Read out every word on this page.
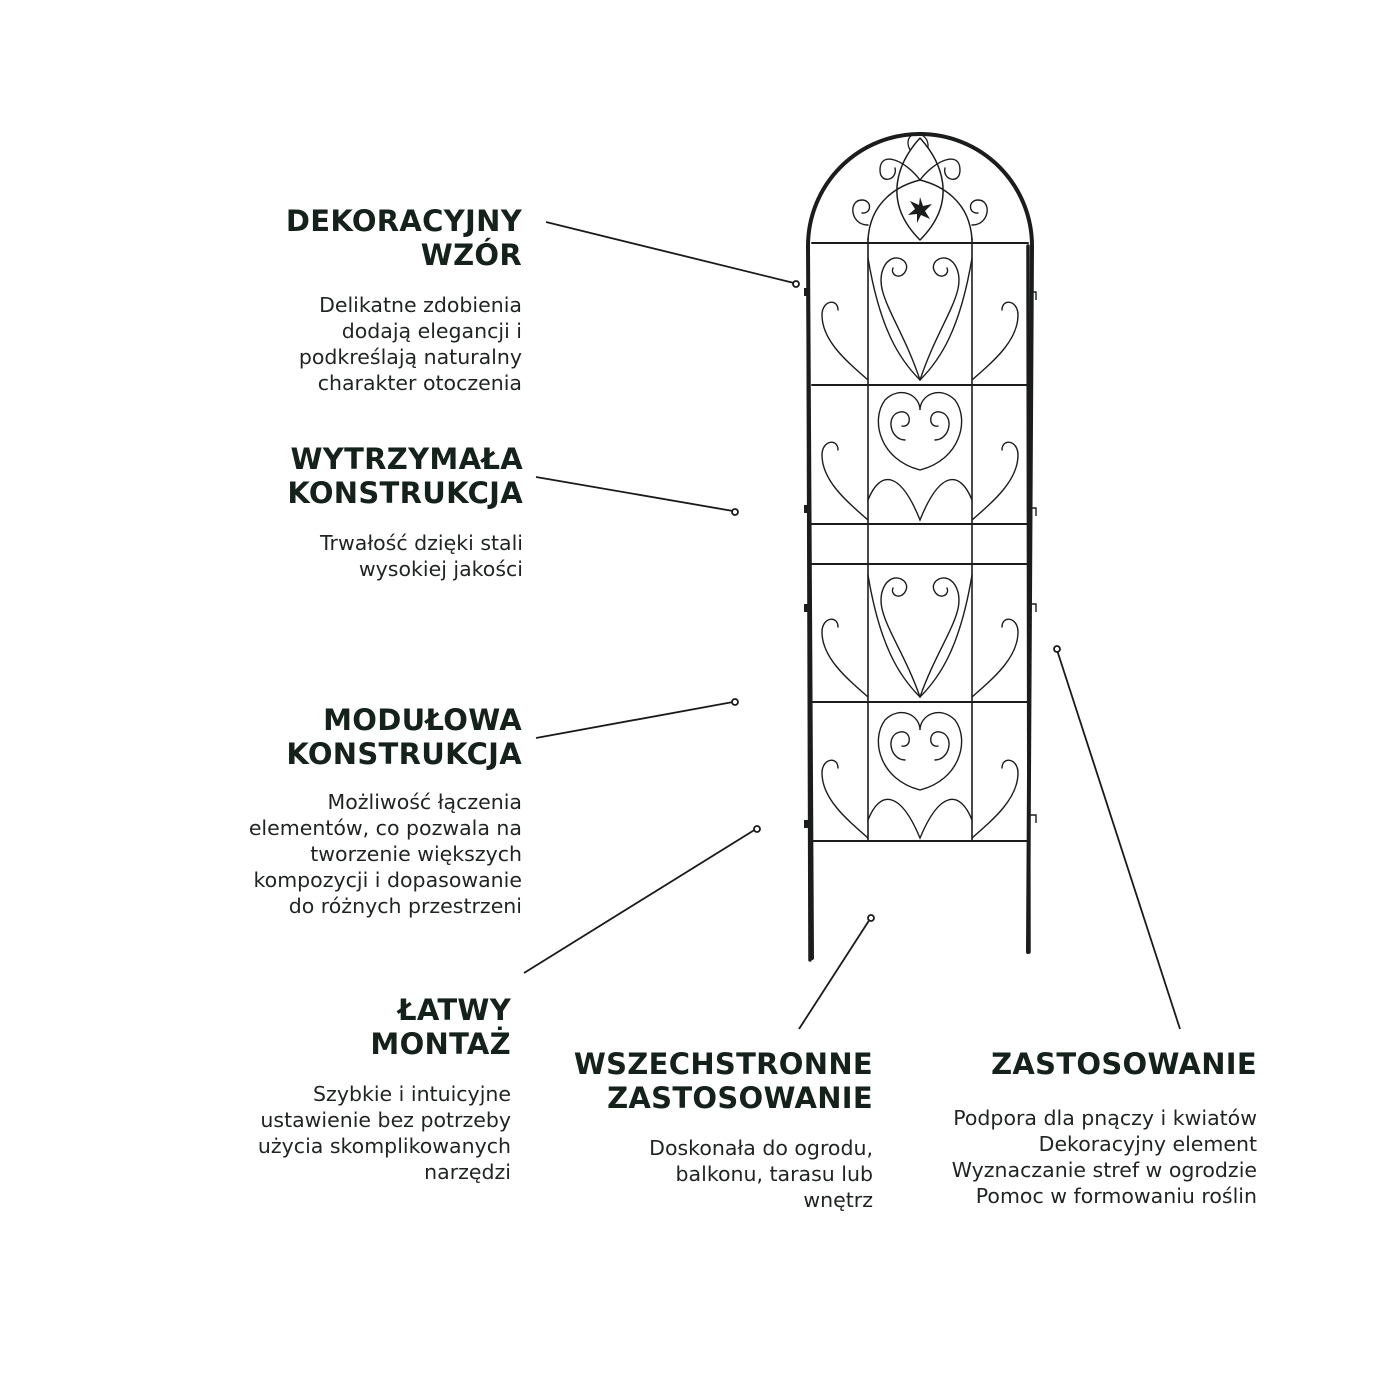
DEKORACYJNY
WZÓR

Delikatne zdobienia
dodają elegancji i
podkreślają naturalny
charakter otoczenia

WYTRZYMAŁA
KONSTRUKCJA

Trwałość dzięki stali
wysokiej jakości

MODUŁOWA
KONSTRUKCJA

Możliwość łączenia
elementów, co pozwala na
tworzenie większych
kompozycji i dopasowanie
do różnych przestrzeni

ŁATWY
MONTAŻ

Szybkie i intuicyjne
ustawienie bez potrzeby
użycia skomplikowanych
narzędzi

WSZECHSTRONNE
ZASTOSOWANIE

Doskonała do ogrodu,
balkonu, tarasu lub
wnętrz

ZASTOSOWANIE

Podpora dla pnączy i kwiatów
Dekoracyjny element
Wyznaczanie stref w ogrodzie
Pomoc w formowaniu roślin
